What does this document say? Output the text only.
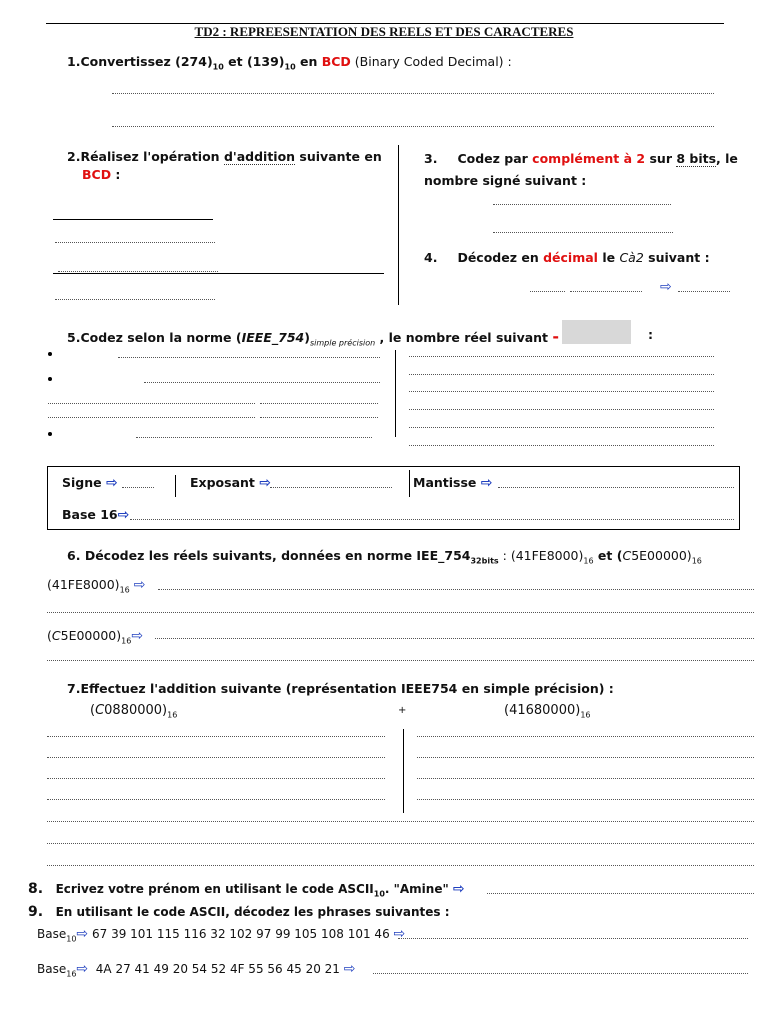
TD2 : REPREESENTATION DES REELS ET DES CARACTERES
1.Convertissez $(274)_{10}$ et $(139)_{10}$ en BCD (Binary Coded Decimal) :
2.Réalisez l'opération d'addition suivante en
BCD :
3. Codez par complément à 2 sur 8 bits, le
nombre signé suivant :
4. Décodez en décimal le Cà2 suivant :
⇨
5.Codez selon la norme $(IEEE\_754)_{simple précision}$ , le nombre réel suivant -	:
Signe ⇨	Exposant ⇨	Mantisse ⇨
Base 16⇨
6. Décodez les réels suivants, données en norme $IEE\_754_{32bits}$ : $(41FE8000)_{16}$ et $(C5E00000)_{16}$
$(41FE8000)_{16}$ ⇨
$(C5E00000)_{16}⇨$
7.Effectuez l'addition suivante (représentation IEEE754 en simple précision) :
$(C0880000)_{16}$	+	$(41680000)_{16}$
8. Ecrivez votre prénom en utilisant le code $ASCII_{10}$. "Amine" ⇨
9. En utilisant le code ASCII, décodez les phrases suivantes :
Base$_{10}$⇨ 67 39 101 115 116 32 102 97 99 105 108 101 46 ⇨
Base$_{16}$⇨ 4A 27 41 49 20 54 52 4F 55 56 45 20 21 ⇨
